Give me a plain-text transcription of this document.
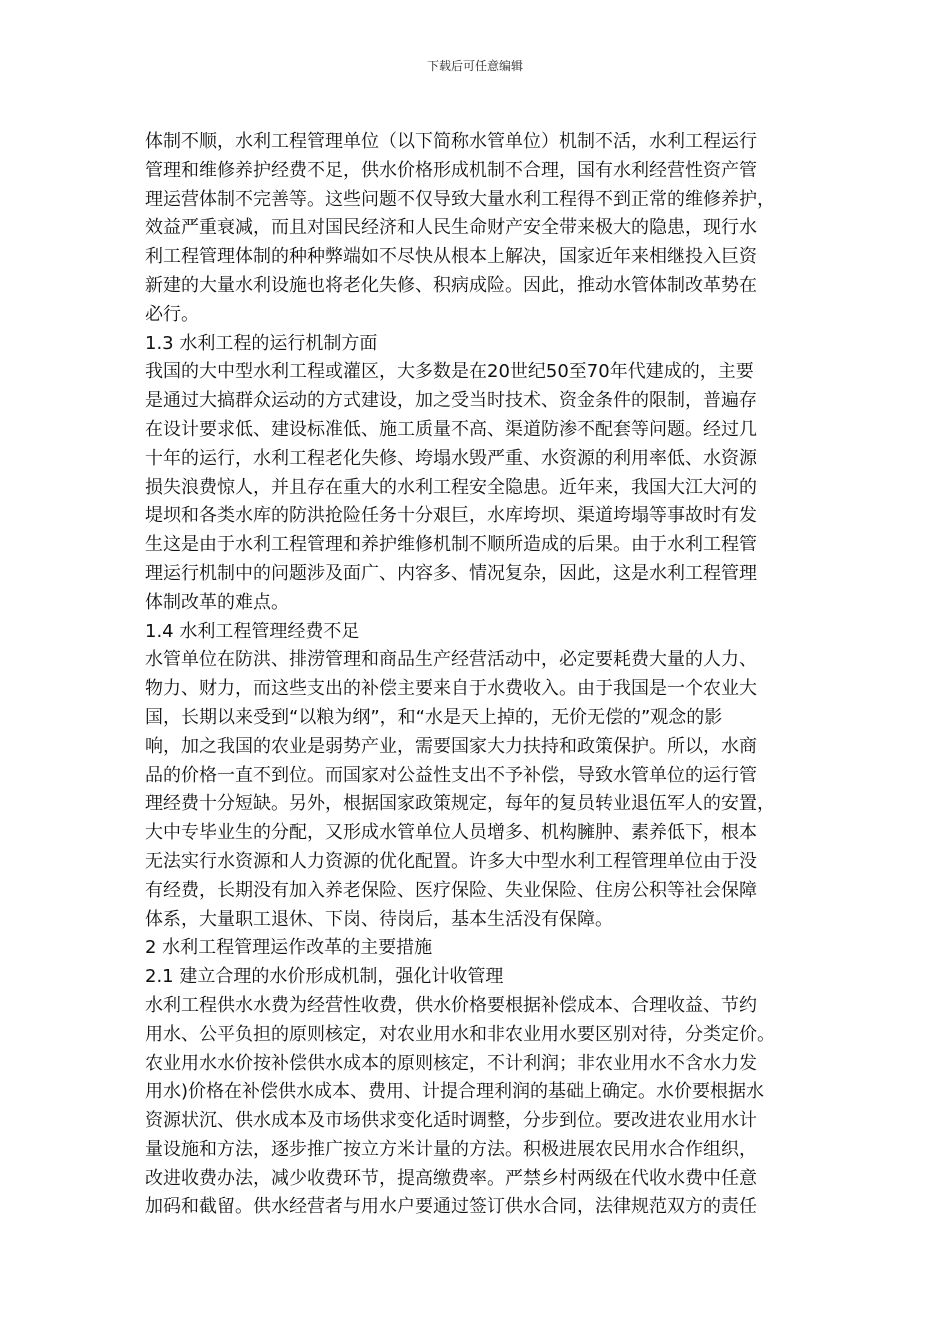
下载后可任意编辑
体制不顺，水利工程管理单位（以下简称水管单位）机制不活，水利工程运行
管理和维修养护经费不足，供水价格形成机制不合理，国有水利经营性资产管
理运营体制不完善等。这些问题不仅导致大量水利工程得不到正常的维修养护，
效益严重衰减，而且对国民经济和人民生命财产安全带来极大的隐患，现行水
利工程管理体制的种种弊端如不尽快从根本上解决，国家近年来相继投入巨资
新建的大量水利设施也将老化失修、积病成险。因此，推动水管体制改革势在
必行。
1.3 水利工程的运行机制方面
我国的大中型水利工程或灌区，大多数是在20世纪50至70年代建成的，主要
是通过大搞群众运动的方式建设，加之受当时技术、资金条件的限制，普遍存
在设计要求低、建设标准低、施工质量不高、渠道防渗不配套等问题。经过几
十年的运行，水利工程老化失修、垮塌水毁严重、水资源的利用率低、水资源
损失浪费惊人，并且存在重大的水利工程安全隐患。近年来，我国大江大河的
堤坝和各类水库的防洪抢险任务十分艰巨，水库垮坝、渠道垮塌等事故时有发
生这是由于水利工程管理和养护维修机制不顺所造成的后果。由于水利工程管
理运行机制中的问题涉及面广、内容多、情况复杂，因此，这是水利工程管理
体制改革的难点。
1.4 水利工程管理经费不足
水管单位在防洪、排涝管理和商品生产经营活动中，必定要耗费大量的人力、
物力、财力，而这些支出的补偿主要来自于水费收入。由于我国是一个农业大
国，长期以来受到“以粮为纲”，和“水是天上掉的，无价无偿的”观念的影
响，加之我国的农业是弱势产业，需要国家大力扶持和政策保护。所以，水商
品的价格一直不到位。而国家对公益性支出不予补偿，导致水管单位的运行管
理经费十分短缺。另外，根据国家政策规定，每年的复员转业退伍军人的安置，
大中专毕业生的分配，又形成水管单位人员增多、机构臃肿、素养低下，根本
无法实行水资源和人力资源的优化配置。许多大中型水利工程管理单位由于没
有经费，长期没有加入养老保险、医疗保险、失业保险、住房公积等社会保障
体系，大量职工退休、下岗、待岗后，基本生活没有保障。
2 水利工程管理运作改革的主要措施
2.1 建立合理的水价形成机制，强化计收管理
水利工程供水水费为经营性收费，供水价格要根据补偿成本、合理收益、节约
用水、公平负担的原则核定，对农业用水和非农业用水要区别对待，分类定价。
农业用水水价按补偿供水成本的原则核定，不计利润；非农业用水不含水力发
用水)价格在补偿供水成本、费用、计提合理利润的基础上确定。水价要根据水
资源状沉、供水成本及市场供求变化适时调整，分步到位。要改进农业用水计
量设施和方法，逐步推广按立方米计量的方法。积极进展农民用水合作组织，
改进收费办法，减少收费环节，提高缴费率。严禁乡村两级在代收水费中任意
加码和截留。供水经营者与用水户要通过签订供水合同，法律规范双方的责任
